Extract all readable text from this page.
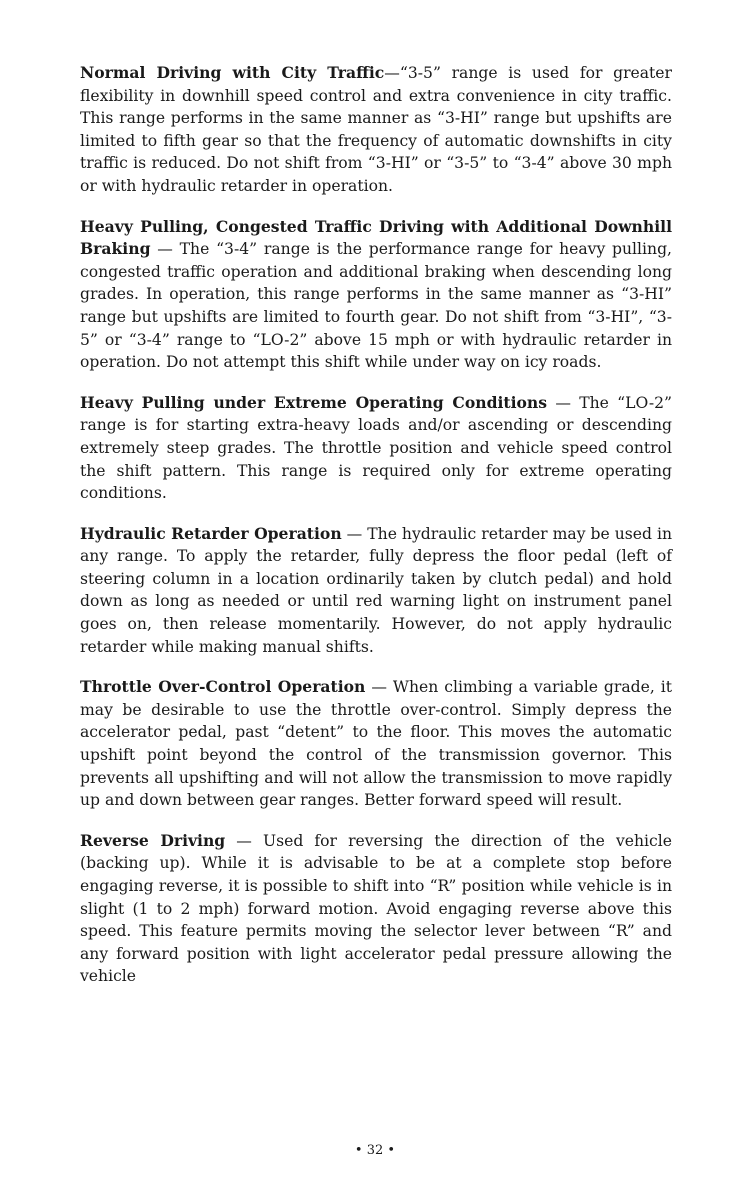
Normal Driving with City Traffic—“3-5” range is used for greater flexibility in downhill speed control and extra convenience in city traffic. This range performs in the same manner as “3-HI” range but upshifts are limited to fifth gear so that the frequency of automatic downshifts in city traffic is reduced. Do not shift from “3-HI” or “3-5” to “3-4” above 30 mph or with hydraulic retarder in operation.

Heavy Pulling, Congested Traffic Driving with Additional Downhill Braking — The “3-4” range is the performance range for heavy pulling, congested traffic operation and additional braking when descending long grades. In operation, this range performs in the same manner as “3-HI” range but upshifts are limited to fourth gear. Do not shift from “3-HI”, “3-5” or “3-4” range to “LO-2” above 15 mph or with hydraulic retarder in operation. Do not attempt this shift while under way on icy roads.

Heavy Pulling under Extreme Operating Conditions — The “LO-2” range is for starting extra-heavy loads and/or ascending or descending extremely steep grades. The throttle position and vehicle speed control the shift pattern. This range is required only for extreme operating conditions.

Hydraulic Retarder Operation — The hydraulic retarder may be used in any range. To apply the retarder, fully depress the floor pedal (left of steering column in a location ordinarily taken by clutch pedal) and hold down as long as needed or until red warning light on instrument panel goes on, then release momentarily. However, do not apply hydraulic retarder while making manual shifts.

Throttle Over-Control Operation — When climbing a variable grade, it may be desirable to use the throttle over-control. Simply depress the accelerator pedal, past “detent” to the floor. This moves the automatic upshift point beyond the control of the transmission governor. This prevents all upshifting and will not allow the transmission to move rapidly up and down between gear ranges. Better forward speed will result.

Reverse Driving — Used for reversing the direction of the vehicle (backing up). While it is advisable to be at a complete stop before engaging reverse, it is possible to shift into “R” position while vehicle is in slight (1 to 2 mph) forward motion. Avoid engaging reverse above this speed. This feature permits moving the selector lever between “R” and any forward position with light accelerator pedal pressure allowing the vehicle

• 32 •
